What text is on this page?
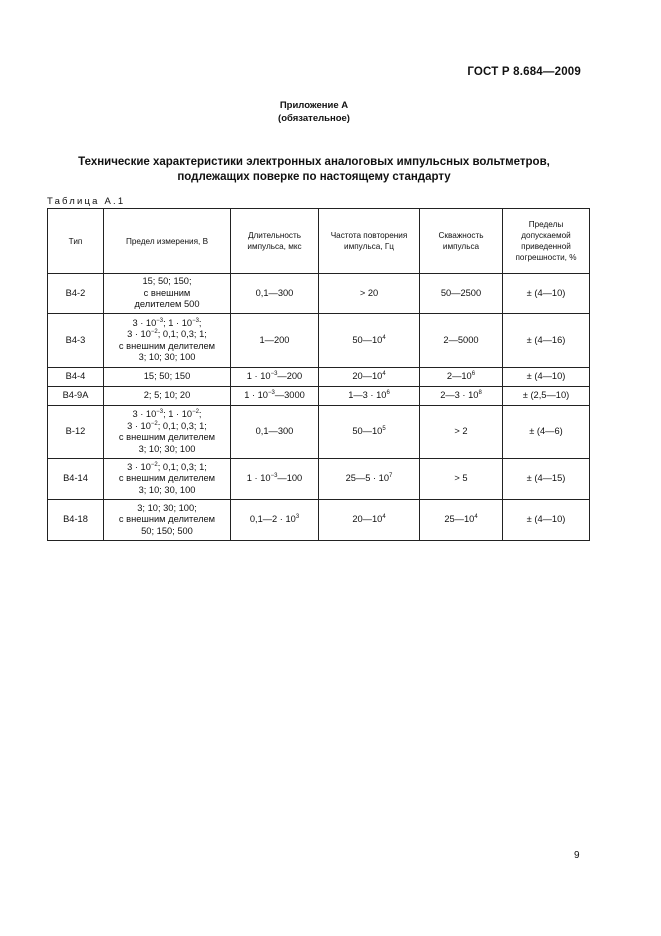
ГОСТ Р 8.684—2009
Приложение А
(обязательное)
Технические характеристики электронных аналоговых импульсных вольтметров,
подлежащих поверке по настоящему стандарту
Таблица А.1
Тип	Предел измерения, В	Длительность импульса, мкс	Частота повторения импульса, Гц	Скважность импульса	Пределы допускаемой приведенной погрешности, %
В4-2	15; 50; 150;
с внешним
делителем 500	0,1—300	> 20	50—2500	± (4—10)
В4-3	$3 \cdot 10^{-3}$; $1 \cdot 10^{-3}$;
$3 \cdot 10^{-2}$; 0,1; 0,3; 1;
с внешним делителем
3; 10; 30; 100	1—200	$50—10^4$	2—5000	± (4—16)
В4-4	15; 50; 150	$1 \cdot 10^{-3}—200$	$20—10^4$	$2—10^6$	± (4—10)
В4-9А	2; 5; 10; 20	$1 \cdot 10^{-3}—3000$	1—3 · $10^6$	2—3 · $10^8$	± (2,5—10)
В-12	$3 \cdot 10^{-3}$; $1 \cdot 10^{-2}$;
$3 \cdot 10^{-2}$; 0,1; 0,3; 1;
с внешним делителем
3; 10; 30; 100	0,1—300	$50—10^5$	> 2	± (4—6)
В4-14	$3 \cdot 10^{-2}$; 0,1; 0,3; 1;
с внешним делителем
3; 10; 30, 100	$1 \cdot 10^{-3}—100$	25—5 · $10^7$	> 5	± (4—15)
В4-18	3; 10; 30; 100;
с внешним делителем
50; 150; 500	0,1—2 · $10^3$	$20—10^4$	$25—10^4$	± (4—10)
9
